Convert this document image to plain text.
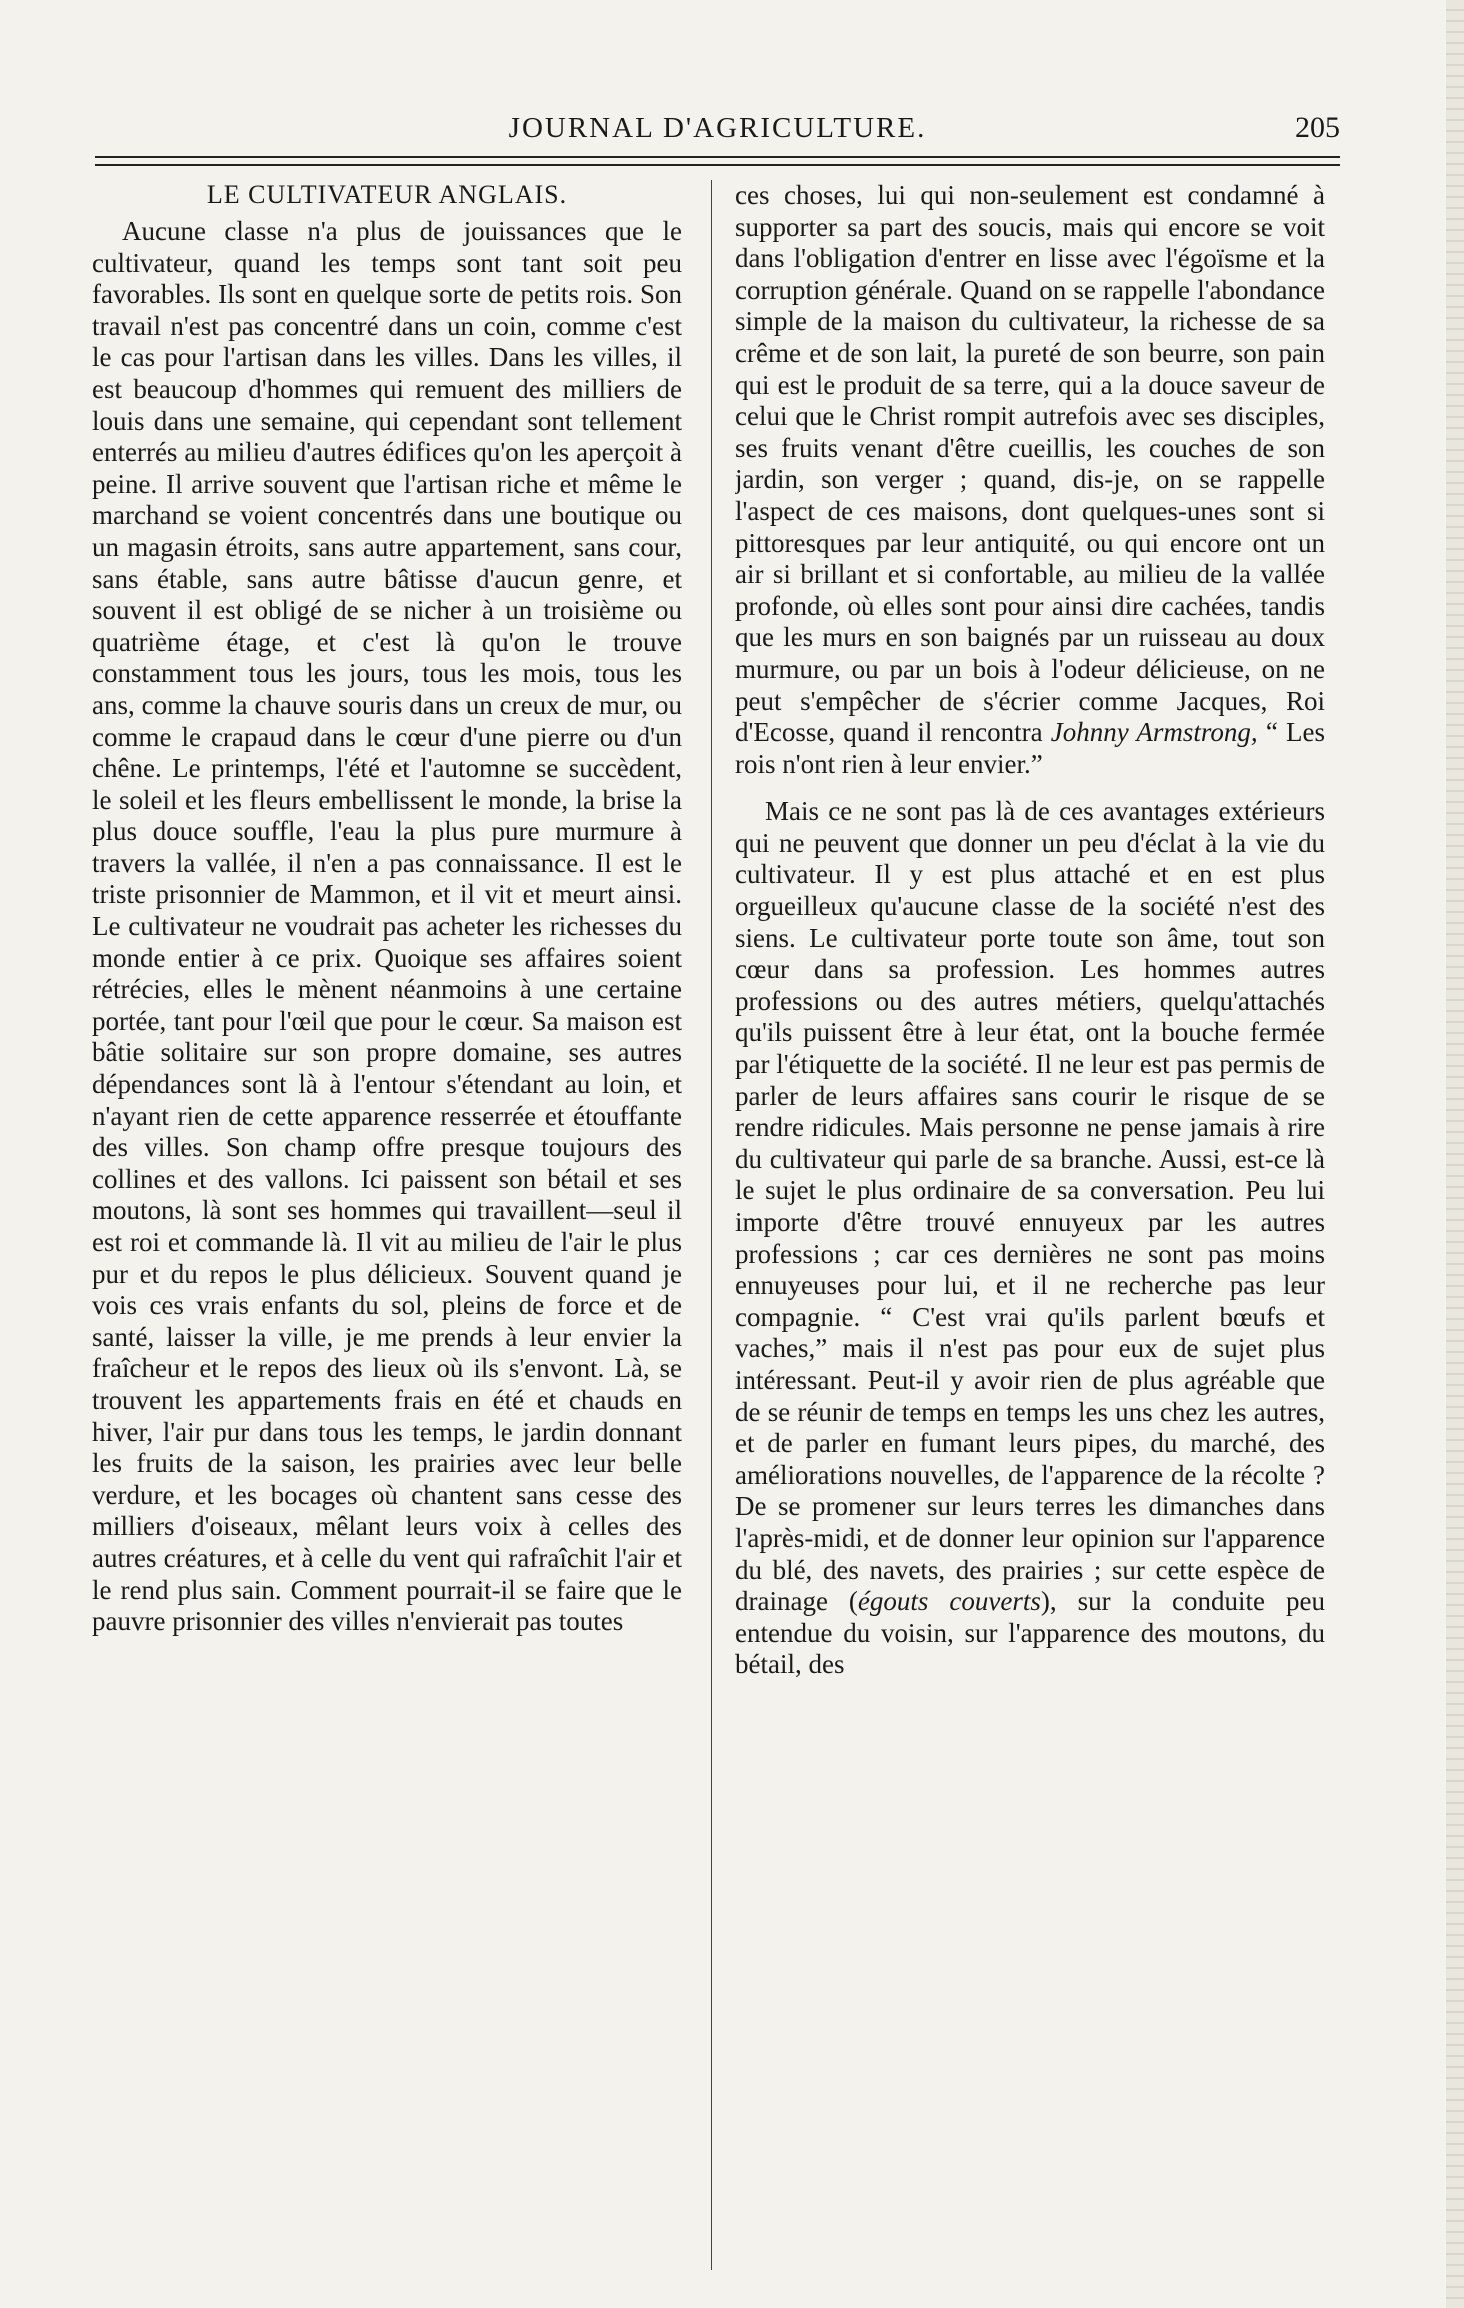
JOURNAL D'AGRICULTURE.	205
LE CULTIVATEUR ANGLAIS.

Aucune classe n'a plus de jouissances que le cultivateur, quand les temps sont tant soit peu favorables. Ils sont en quelque sorte de petits rois. Son travail n'est pas concentré dans un coin, comme c'est le cas pour l'artisan dans les villes. Dans les villes, il est beaucoup d'hommes qui remuent des milliers de louis dans une semaine, qui cependant sont tellement enterrés au milieu d'autres édifices qu'on les aperçoit à peine. Il arrive souvent que l'artisan riche et même le marchand se voient concentrés dans une boutique ou un magasin étroits, sans autre appartement, sans cour, sans étable, sans autre bâtisse d'aucun genre, et souvent il est obligé de se nicher à un troisième ou quatrième étage, et c'est là qu'on le trouve constamment tous les jours, tous les mois, tous les ans, comme la chauve souris dans un creux de mur, ou comme le crapaud dans le cœur d'une pierre ou d'un chêne. Le printemps, l'été et l'automne se succèdent, le soleil et les fleurs embellissent le monde, la brise la plus douce souffle, l'eau la plus pure murmure à travers la vallée, il n'en a pas connaissance. Il est le triste prisonnier de Mammon, et il vit et meurt ainsi. Le cultivateur ne voudrait pas acheter les richesses du monde entier à ce prix. Quoique ses affaires soient rétrécies, elles le mènent néanmoins à une certaine portée, tant pour l'œil que pour le cœur. Sa maison est bâtie solitaire sur son propre domaine, ses autres dépendances sont là à l'entour s'étendant au loin, et n'ayant rien de cette apparence resserrée et étouffante des villes. Son champ offre presque toujours des collines et des vallons. Ici paissent son bétail et ses moutons, là sont ses hommes qui travaillent—seul il est roi et commande là. Il vit au milieu de l'air le plus pur et du repos le plus délicieux. Souvent quand je vois ces vrais enfants du sol, pleins de force et de santé, laisser la ville, je me prends à leur envier la fraîcheur et le repos des lieux où ils s'envont. Là, se trouvent les appartements frais en été et chauds en hiver, l'air pur dans tous les temps, le jardin donnant les fruits de la saison, les prairies avec leur belle verdure, et les bocages où chantent sans cesse des milliers d'oiseaux, mêlant leurs voix à celles des autres créatures, et à celle du vent qui rafraîchit l'air et le rend plus sain. Comment pourrait-il se faire que le pauvre prisonnier des villes n'envierait pas toutes

ces choses, lui qui non-seulement est condamné à supporter sa part des soucis, mais qui encore se voit dans l'obligation d'entrer en lisse avec l'égoïsme et la corruption générale. Quand on se rappelle l'abondance simple de la maison du cultivateur, la richesse de sa crême et de son lait, la pureté de son beurre, son pain qui est le produit de sa terre, qui a la douce saveur de celui que le Christ rompit autrefois avec ses disciples, ses fruits venant d'être cueillis, les couches de son jardin, son verger ; quand, dis-je, on se rappelle l'aspect de ces maisons, dont quelques-unes sont si pittoresques par leur antiquité, ou qui encore ont un air si brillant et si confortable, au milieu de la vallée profonde, où elles sont pour ainsi dire cachées, tandis que les murs en son baignés par un ruisseau au doux murmure, ou par un bois à l'odeur délicieuse, on ne peut s'empêcher de s'écrier comme Jacques, Roi d'Ecosse, quand il rencontra Johnny Armstrong, “ Les rois n'ont rien à leur envier.”

Mais ce ne sont pas là de ces avantages extérieurs qui ne peuvent que donner un peu d'éclat à la vie du cultivateur. Il y est plus attaché et en est plus orgueilleux qu'aucune classe de la société n'est des siens. Le cultivateur porte toute son âme, tout son cœur dans sa profession. Les hommes autres professions ou des autres métiers, quelqu'attachés qu'ils puissent être à leur état, ont la bouche fermée par l'étiquette de la société. Il ne leur est pas permis de parler de leurs affaires sans courir le risque de se rendre ridicules. Mais personne ne pense jamais à rire du cultivateur qui parle de sa branche. Aussi, est-ce là le sujet le plus ordinaire de sa conversation. Peu lui importe d'être trouvé ennuyeux par les autres professions ; car ces dernières ne sont pas moins ennuyeuses pour lui, et il ne recherche pas leur compagnie. “ C'est vrai qu'ils parlent bœufs et vaches,” mais il n'est pas pour eux de sujet plus intéressant. Peut-il y avoir rien de plus agréable que de se réunir de temps en temps les uns chez les autres, et de parler en fumant leurs pipes, du marché, des améliorations nouvelles, de l'apparence de la récolte ? De se promener sur leurs terres les dimanches dans l'après-midi, et de donner leur opinion sur l'apparence du blé, des navets, des prairies ; sur cette espèce de drainage (égouts couverts), sur la conduite peu entendue du voisin, sur l'apparence des moutons, du bétail, des
